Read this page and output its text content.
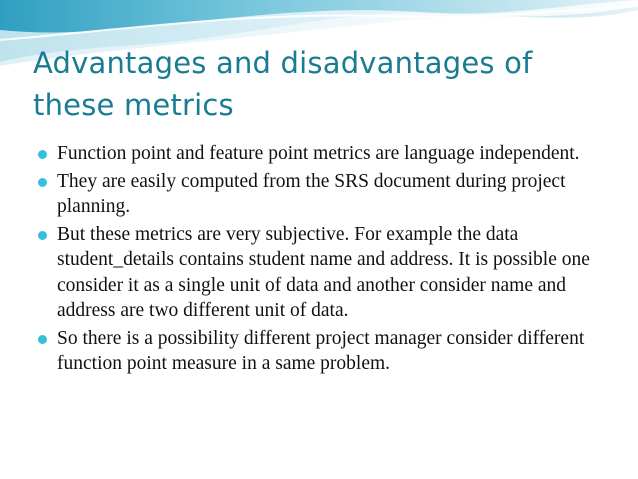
Advantages and disadvantages of these metrics
Function point and feature point metrics are language independent.
They are easily computed from the SRS document during project planning.
But these metrics are very subjective. For example the data student_details contains student name and address. It is possible one consider it as a single unit of data and another consider name and address are two different unit of data.
So there is a possibility different project manager consider different function point measure in a same problem.
